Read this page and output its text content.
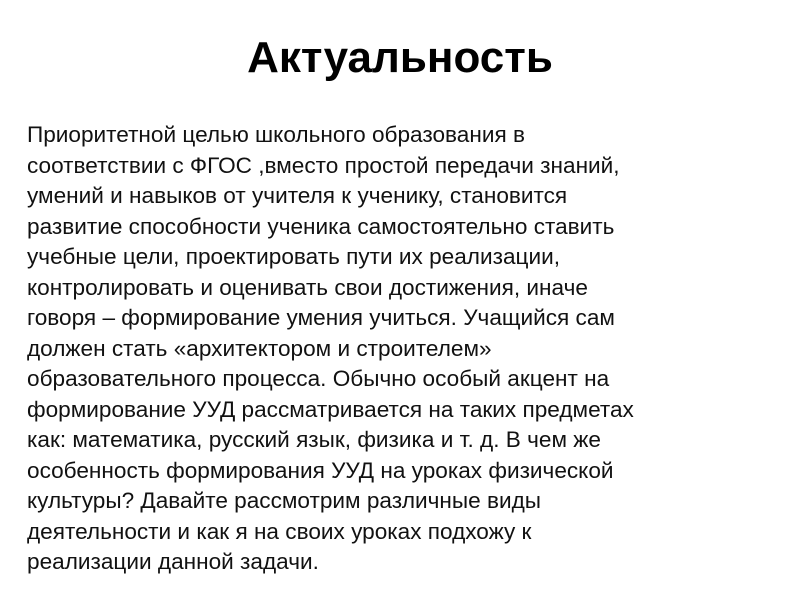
Актуальность
Приоритетной целью школьного образования в
соответствии с ФГОС ,вместо простой передачи знаний,
умений и навыков от учителя к ученику, становится
развитие способности ученика самостоятельно ставить
учебные цели, проектировать пути их реализации,
контролировать и оценивать свои достижения, иначе
говоря – формирование умения учиться. Учащийся сам
должен стать «архитектором и строителем»
образовательного процесса. Обычно особый акцент на
формирование УУД рассматривается на таких предметах
как: математика, русский язык, физика и т. д. В чем же
особенность формирования УУД на уроках физической
культуры? Давайте рассмотрим различные виды
деятельности и как я на своих уроках подхожу к
реализации данной задачи.
